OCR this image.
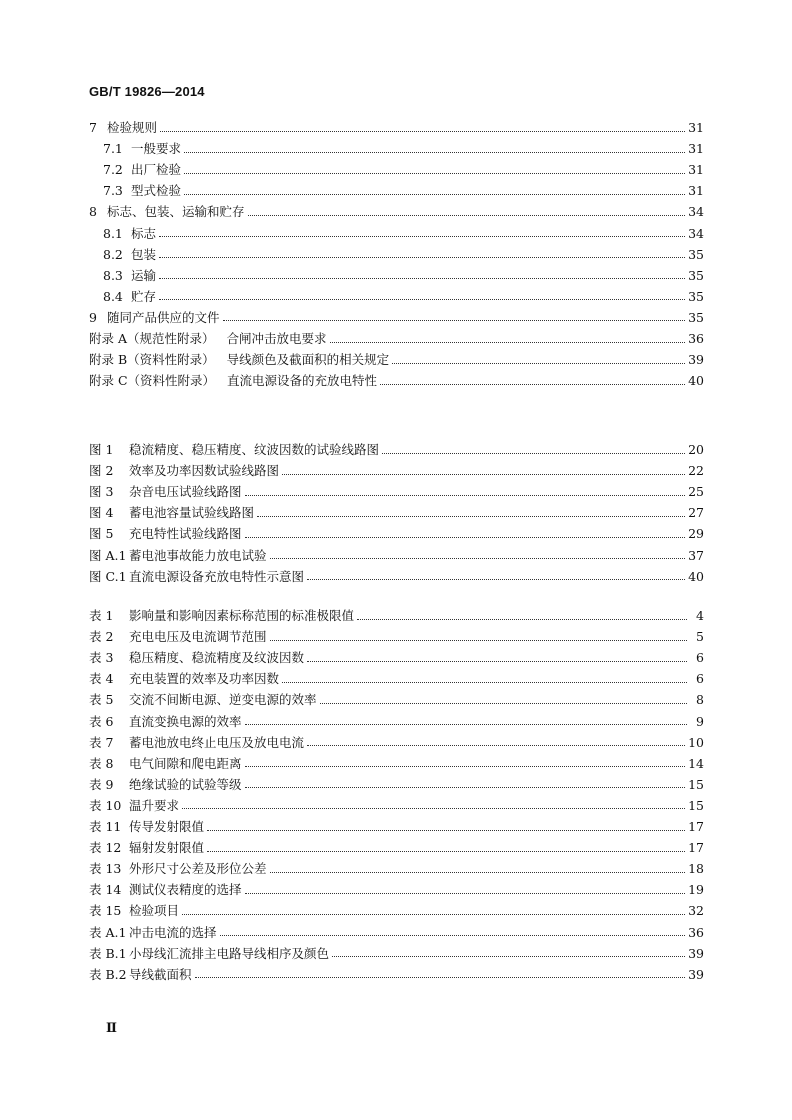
GB/T 19826—2014
7 检验规则	31
7.1 一般要求	31
7.2 出厂检验	31
7.3 型式检验	31
8 标志、包装、运输和贮存	34
8.1 标志	34
8.2 包装	35
8.3 运输	35
8.4 贮存	35
9 随同产品供应的文件	35
附录 A（规范性附录） 合闸冲击放电要求	36
附录 B（资料性附录） 导线颜色及截面积的相关规定	39
附录 C（资料性附录） 直流电源设备的充放电特性	40
图 1	稳流精度、稳压精度、纹波因数的试验线路图	20
图 2	效率及功率因数试验线路图	22
图 3	杂音电压试验线路图	25
图 4	蓄电池容量试验线路图	27
图 5	充电特性试验线路图	29
图 A.1 蓄电池事故能力放电试验	37
图 C.1 直流电源设备充放电特性示意图	40
表 1	影响量和影响因素标称范围的标准极限值	4
表 2	充电电压及电流调节范围	5
表 3	稳压精度、稳流精度及纹波因数	6
表 4	充电装置的效率及功率因数	6
表 5	交流不间断电源、逆变电源的效率	8
表 6	直流变换电源的效率	9
表 7	蓄电池放电终止电压及放电电流	10
表 8	电气间隙和爬电距离	14
表 9	绝缘试验的试验等级	15
表 10 温升要求	15
表 11 传导发射限值	17
表 12 辐射发射限值	17
表 13 外形尺寸公差及形位公差	18
表 14 测试仪表精度的选择	19
表 15 检验项目	32
表 A.1 冲击电流的选择	36
表 B.1 小母线汇流排主电路导线相序及颜色	39
表 B.2 导线截面积	39
Ⅱ
